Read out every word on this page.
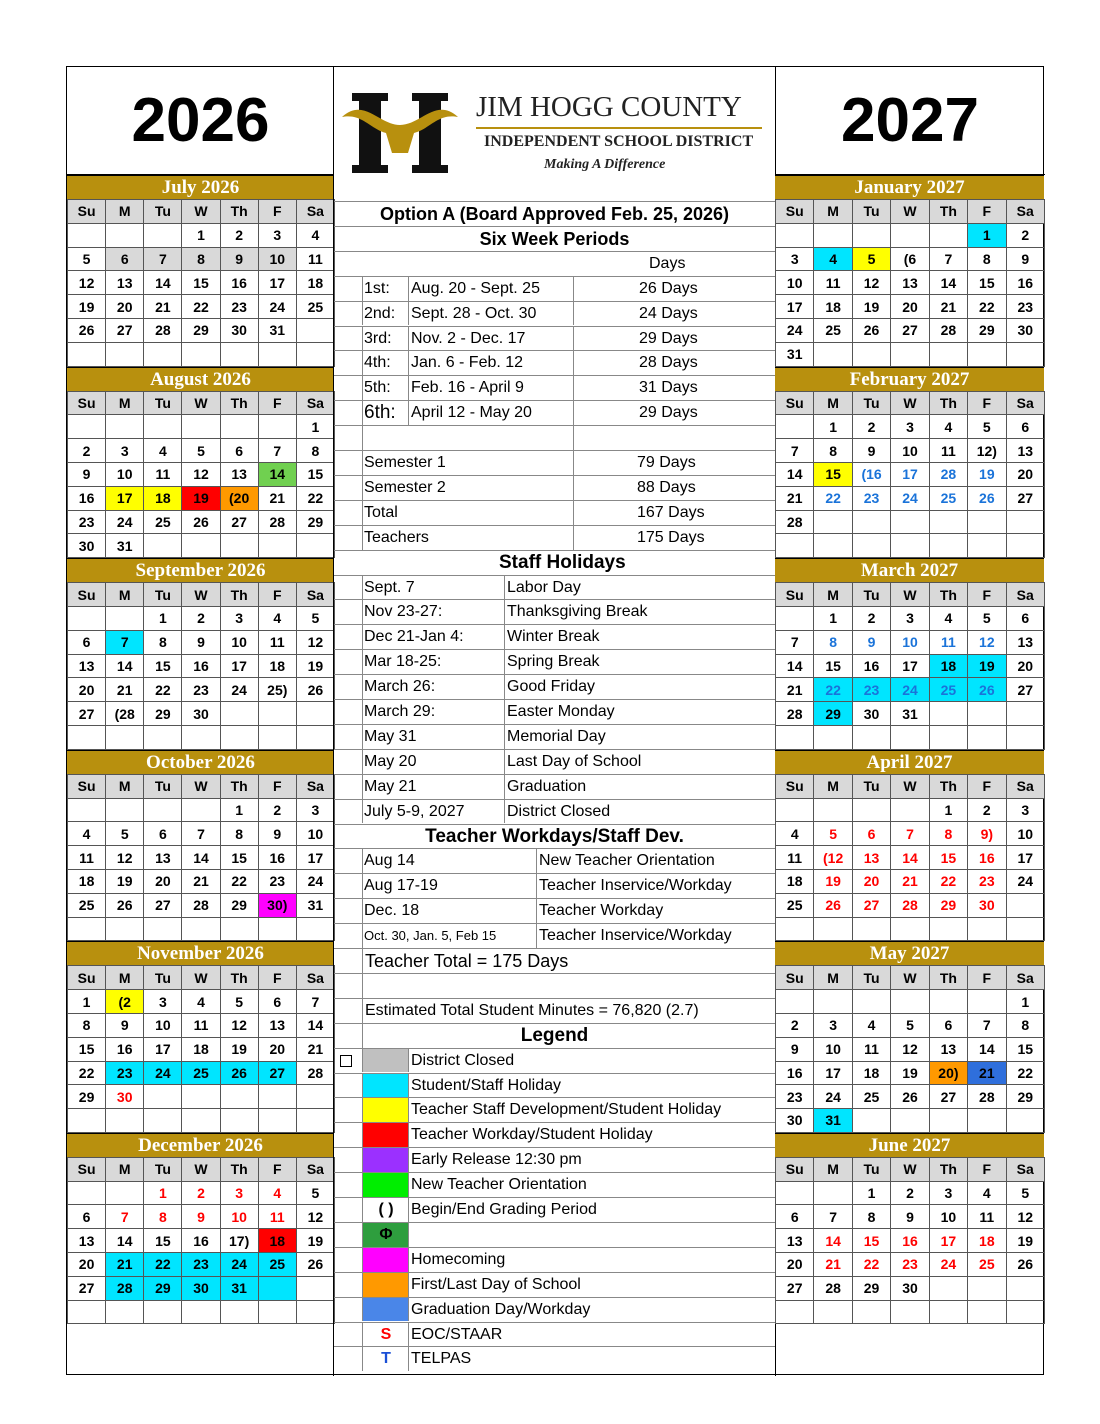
2026
July 2026
Su	M	Tu	W	Th	F	Sa
			1	2	3	4
5	6	7	8	9	10	11
12	13	14	15	16	17	18
19	20	21	22	23	24	25
26	27	28	29	30	31	

August 2026
Su	M	Tu	W	Th	F	Sa
						1
2	3	4	5	6	7	8
9	10	11	12	13	14	15
16	17	18	19	(20	21	22
23	24	25	26	27	28	29
30	31					
September 2026
Su	M	Tu	W	Th	F	Sa
		1	2	3	4	5
6	7	8	9	10	11	12
13	14	15	16	17	18	19
20	21	22	23	24	25)	26
27	(28	29	30			

October 2026
Su	M	Tu	W	Th	F	Sa
				1	2	3
4	5	6	7	8	9	10
11	12	13	14	15	16	17
18	19	20	21	22	23	24
25	26	27	28	29	30)	31

November 2026
Su	M	Tu	W	Th	F	Sa
1	(2	3	4	5	6	7
8	9	10	11	12	13	14
15	16	17	18	19	20	21
22	23	24	25	26	27	28
29	30					

December 2026
Su	M	Tu	W	Th	F	Sa
		1	2	3	4	5
6	7	8	9	10	11	12
13	14	15	16	17)	18	19
20	21	22	23	24	25	26
27	28	29	30	31		

JIM HOGG COUNTY
INDEPENDENT SCHOOL DISTRICT
Making A Difference
Option A (Board Approved Feb. 25, 2026)
Six Week Periods
Days
1st: Aug. 20 - Sept. 25	26 Days
2nd: Sept. 28 - Oct. 30	24 Days
3rd: Nov. 2 - Dec. 17	29 Days
4th: Jan. 6 - Feb. 12	28 Days
5th: Feb. 16 - April 9	31 Days
6th: April 12 - May 20	29 Days
Semester 1	79 Days
Semester 2	88 Days
Total	167 Days
Teachers	175 Days
Staff Holidays
Sept. 7	Labor Day
Nov 23-27:	Thanksgiving Break
Dec 21-Jan 4:	Winter Break
Mar 18-25:	Spring Break
March 26:	Good Friday
March 29:	Easter Monday
May 31	Memorial Day
May 20	Last Day of School
May 21	Graduation
July 5-9, 2027	District Closed
Teacher Workdays/Staff Dev.
Aug 14	New Teacher Orientation
Aug 17-19	Teacher Inservice/Workday
Dec. 18	Teacher Workday
Oct. 30, Jan. 5, Feb 15	Teacher Inservice/Workday
Teacher Total = 175 Days
Estimated Total Student Minutes = 76,820 (2.7)
Legend
District Closed
Student/Staff Holiday
Teacher Staff Development/Student Holiday
Teacher Workday/Student Holiday
Early Release 12:30 pm
New Teacher Orientation
( )	Begin/End Grading Period
Φ
Homecoming
First/Last Day of School
Graduation Day/Workday
S	EOC/STAAR
T	TELPAS
2027
January 2027
Su	M	Tu	W	Th	F	Sa
					1	2
3	4	5	(6	7	8	9
10	11	12	13	14	15	16
17	18	19	20	21	22	23
24	25	26	27	28	29	30
31						
February 2027
Su	M	Tu	W	Th	F	Sa
	1	2	3	4	5	6
7	8	9	10	11	12)	13
14	15	(16	17	28	19	20
21	22	23	24	25	26	27
28						

March 2027
Su	M	Tu	W	Th	F	Sa
	1	2	3	4	5	6
7	8	9	10	11	12	13
14	15	16	17	18	19	20
21	22	23	24	25	26	27
28	29	30	31			

April 2027
Su	M	Tu	W	Th	F	Sa
				1	2	3
4	5	6	7	8	9)	10
11	(12	13	14	15	16	17
18	19	20	21	22	23	24
25	26	27	28	29	30	

May 2027
Su	M	Tu	W	Th	F	Sa
						1
2	3	4	5	6	7	8
9	10	11	12	13	14	15
16	17	18	19	20)	21	22
23	24	25	26	27	28	29
30	31					
June 2027
Su	M	Tu	W	Th	F	Sa
		1	2	3	4	5
6	7	8	9	10	11	12
13	14	15	16	17	18	19
20	21	22	23	24	25	26
27	28	29	30			
